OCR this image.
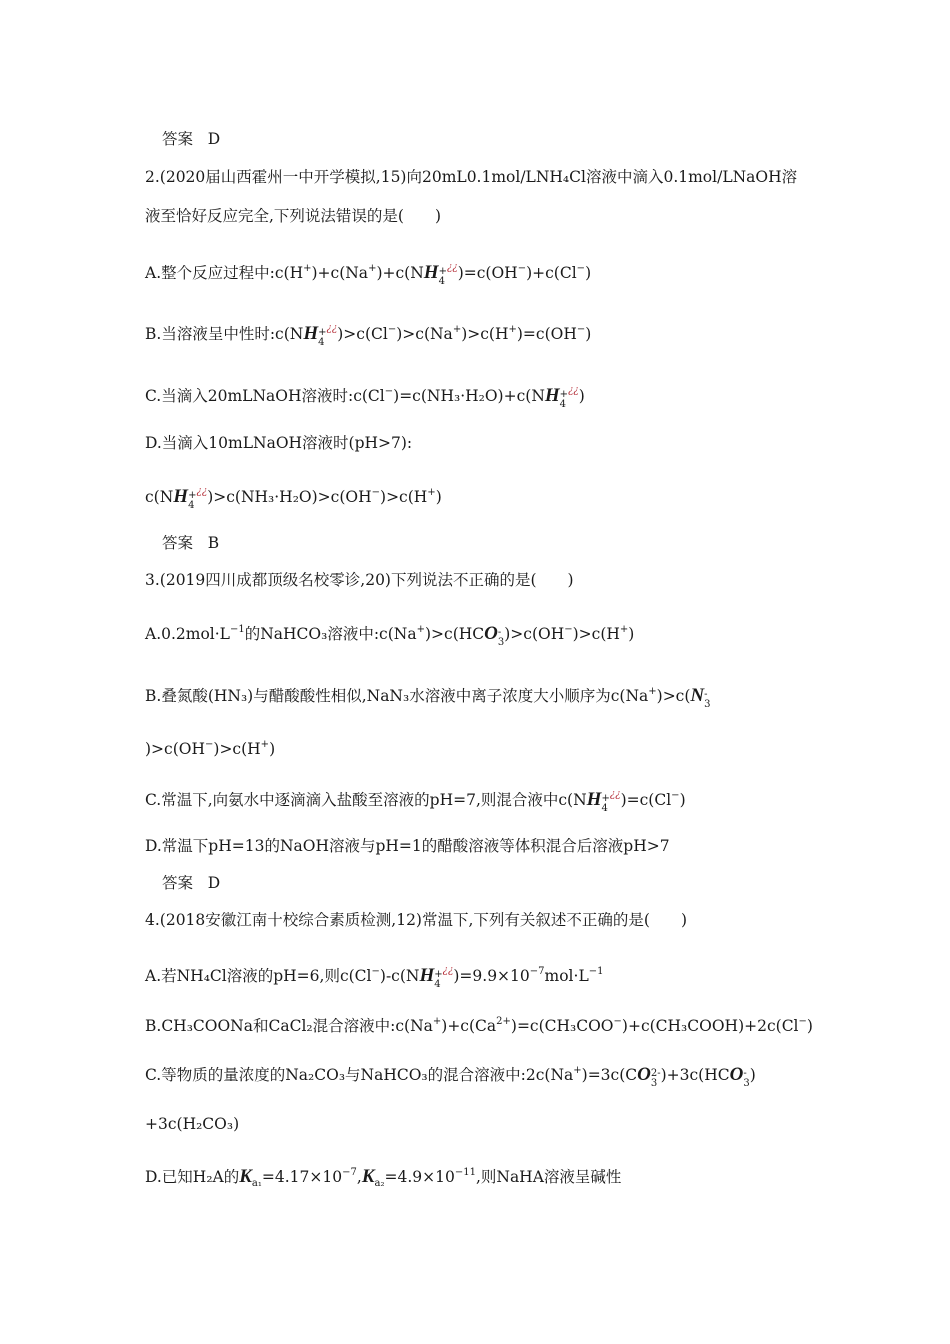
答案 D
2.(2020届山西霍州一中开学模拟,15)向20mL0.1mol/LNH₄Cl溶液中滴入0.1mol/LNaOH溶
液至恰好反应完全,下列说法错误的是(　　)
A.整个反应过程中:c(H+)+c(Na+)+c(NH +
4
¿¿)=c(OH−)+c(Cl−)
B.当溶液呈中性时:c(NH +
4
¿¿)>c(Cl−)>c(Na+)>c(H+)=c(OH−)
C.当滴入20mLNaOH溶液时:c(Cl−)=c(NH₃·H₂O)+c(NH +
4
¿¿)
D.当滴入10mLNaOH溶液时(pH>7):
c(NH +
4
¿¿)>c(NH₃·H₂O)>c(OH−)>c(H+)
答案 B
3.(2019四川成都顶级名校零诊,20)下列说法不正确的是(　　)
$A.0.2mol\cdot L^{-1}$的NaHCO₃溶液中:c(Na+)>c(HCO -
3 )>c(OH−)>c(H+)
B.叠氮酸(HN₃)与醋酸酸性相似,NaN₃水溶液中离子浓度大小顺序为c(Na+)>c(N -
3
)>c(OH−)>c(H+)
C.常温下,向氨水中逐滴滴入盐酸至溶液的pH=7,则混合液中c(NH +
4
¿¿)=c(Cl−)
D.常温下pH=13的NaOH溶液与pH=1的醋酸溶液等体积混合后溶液pH>7
答案 D
4.(2018安徽江南十校综合素质检测,12)常温下,下列有关叙述不正确的是(　　)
A.若NH₄Cl溶液的pH=6,则c(Cl−)-c(NH +
4
$^{¿¿})=9.9\times 10^{-7}mol\cdot L^{-1}$
B.CH₃COONa和CaCl₂混合溶液中$:c(Na^+)+c(Ca^{2+})=c(CH_3COO^-)+c(CH_3COOH)+2c(Cl^-)$
C.等物质的量浓度的Na₂CO₃与NaHCO₃的混合溶液中:2c(Na+)=3c(CO 2-
3 )+3c(HCO -
3 )
+3c(H₂CO₃)
D.已知H₂A的$K_{a_1}=4.17\times 10^{-7},K_{a_2}=4.9\times 10^{-11}$,则NaHA溶液呈碱性
